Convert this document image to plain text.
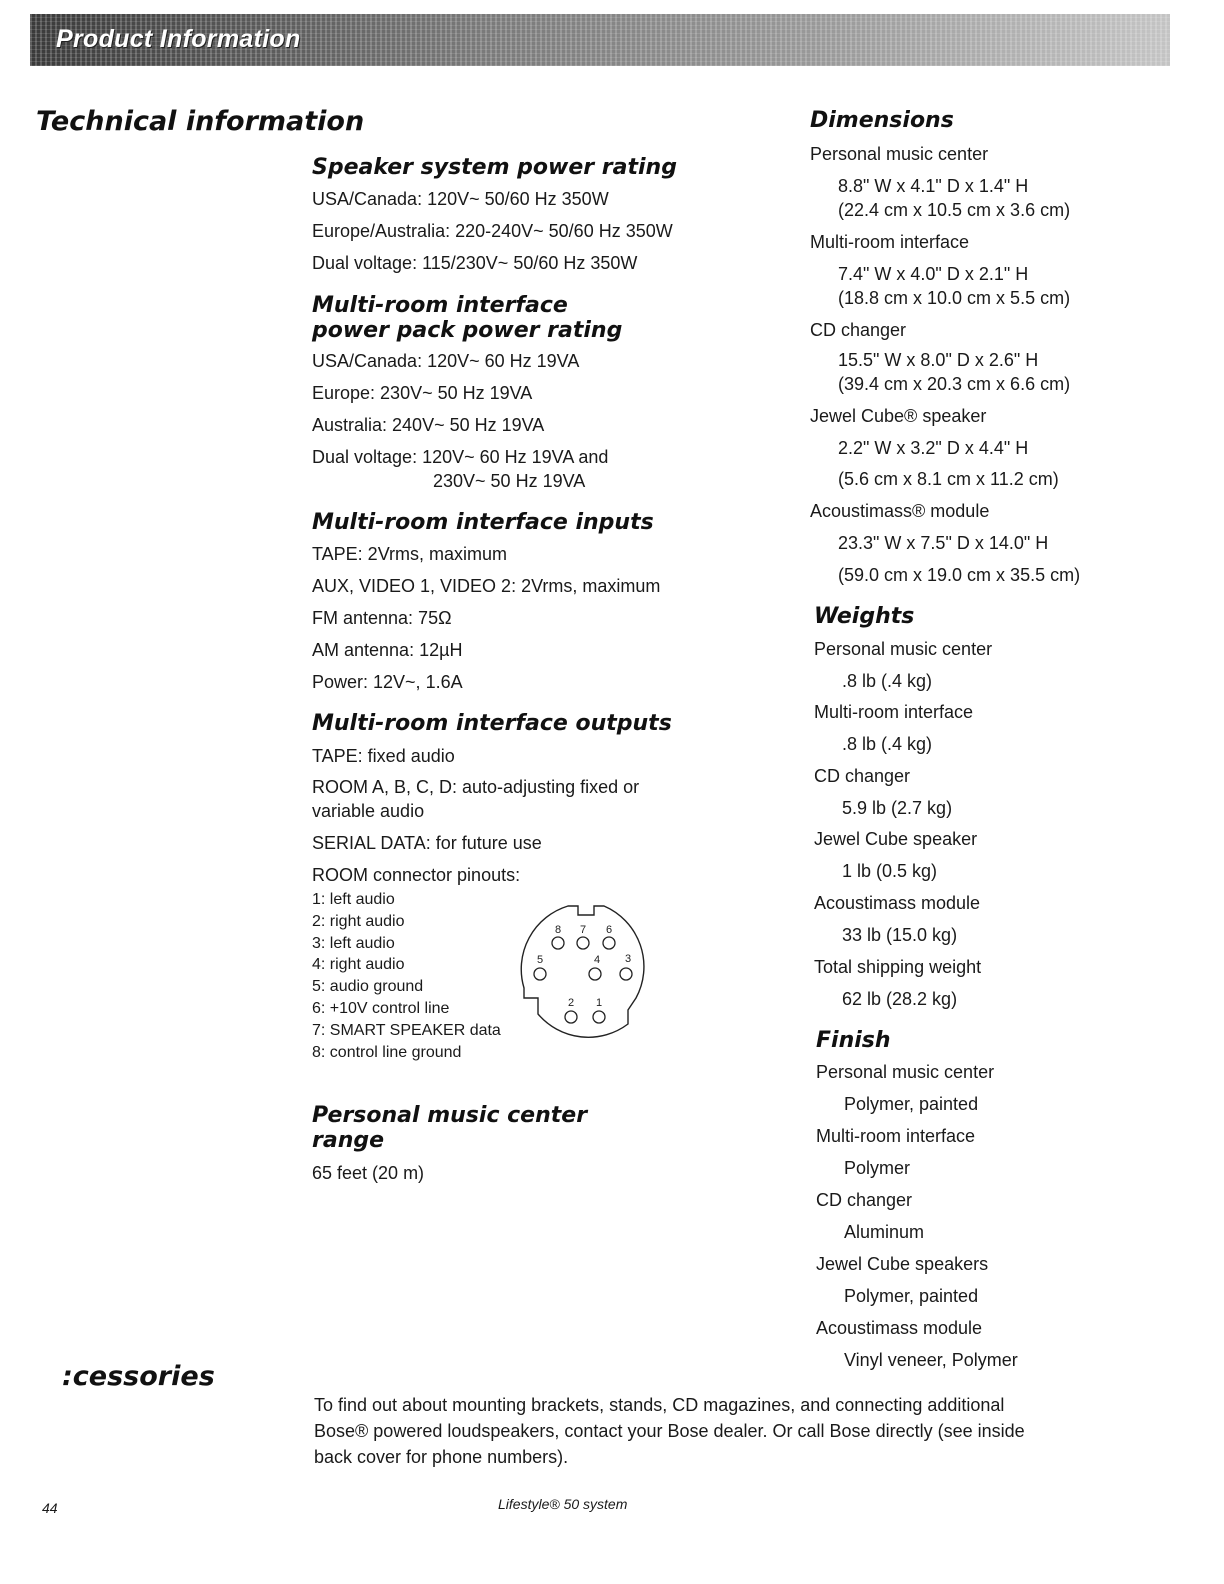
Product Information
Technical information
Speaker system power rating
USA/Canada: 120V~ 50/60 Hz 350W
Europe/Australia: 220-240V~ 50/60 Hz 350W
Dual voltage: 115/230V~ 50/60 Hz 350W
Multi-room interface
power pack power rating
USA/Canada: 120V~ 60 Hz 19VA
Europe: 230V~ 50 Hz 19VA
Australia: 240V~ 50 Hz 19VA
Dual voltage: 120V~ 60 Hz 19VA and
230V~ 50 Hz 19VA
Multi-room interface inputs
TAPE: 2Vrms, maximum
AUX, VIDEO 1, VIDEO 2: 2Vrms, maximum
FM antenna: 75Ω
AM antenna: 12µH
Power: 12V~, 1.6A
Multi-room interface outputs
TAPE: fixed audio
ROOM A, B, C, D: auto-adjusting fixed or
variable audio
SERIAL DATA: for future use
ROOM connector pinouts:
1: left audio
2: right audio
3: left audio
4: right audio
5: audio ground
6: +10V control line
7: SMART SPEAKER data
8: control line ground
8 7 6
5	4 3
2 1
Personal music center
range
65 feet (20 m)
Dimensions
Personal music center
8.8" W x 4.1" D x 1.4" H
(22.4 cm x 10.5 cm x 3.6 cm)
Multi-room interface
7.4" W x 4.0" D x 2.1" H
(18.8 cm x 10.0 cm x 5.5 cm)
CD changer
15.5" W x 8.0" D x 2.6" H
(39.4 cm x 20.3 cm x 6.6 cm)
Jewel Cube® speaker
2.2" W x 3.2" D x 4.4" H
(5.6 cm x 8.1 cm x 11.2 cm)
Acoustimass® module
23.3" W x 7.5" D x 14.0" H
(59.0 cm x 19.0 cm x 35.5 cm)
Weights
Personal music center
.8 lb (.4 kg)
Multi-room interface
.8 lb (.4 kg)
CD changer
5.9 lb (2.7 kg)
Jewel Cube speaker
1 lb (0.5 kg)
Acoustimass module
33 lb (15.0 kg)
Total shipping weight
62 lb (28.2 kg)
Finish
Personal music center
Polymer, painted
Multi-room interface
Polymer
CD changer
Aluminum
Jewel Cube speakers
Polymer, painted
Acoustimass module
Vinyl veneer, Polymer
:cessories
To find out about mounting brackets, stands, CD magazines, and connecting additional
Bose® powered loudspeakers, contact your Bose dealer. Or call Bose directly (see inside
back cover for phone numbers).
44	Lifestyle® 50 system
